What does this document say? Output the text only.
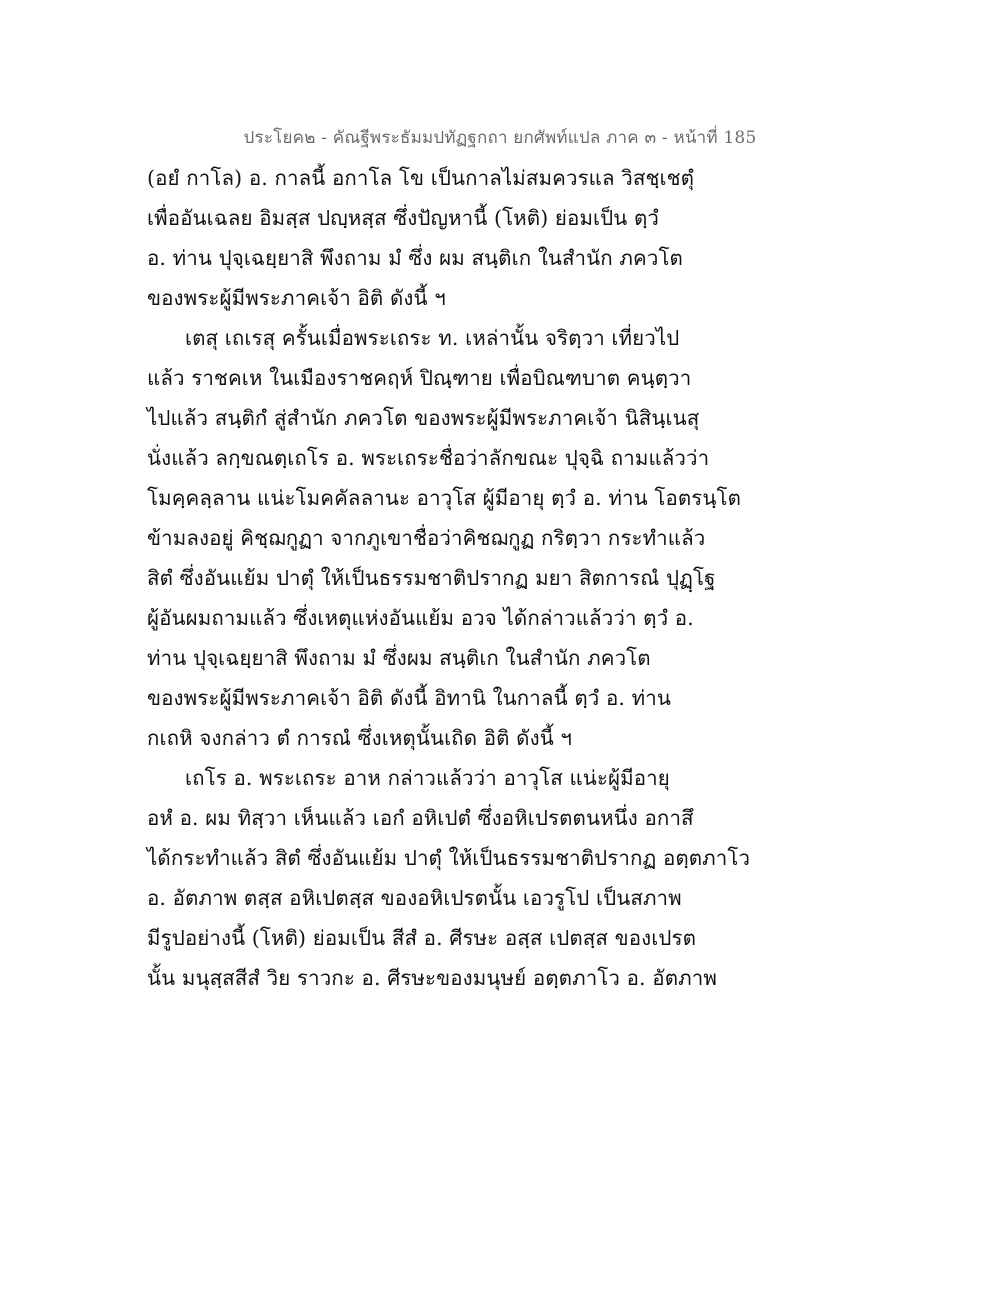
ประโยค๒ - คัณฐีพระธัมมปทัฏฐกถา ยกศัพท์แปล ภาค ๓ - หน้าที่ 185
(อยํ กาโล) อ. กาลนี้ อกาโล โข เป็นกาลไม่สมควรแล วิสชฺเชตุํ
เพื่ออันเฉลย อิมสฺส ปญฺหสฺส ซึ่งปัญหานี้ (โหติ) ย่อมเป็น ตฺวํ
อ. ท่าน ปุจฺเฉยฺยาสิ พึงถาม มํ ซึ่ง ผม สนฺติเก ในสำนัก ภควโต
ของพระผู้มีพระภาคเจ้า อิติ ดังนี้ ฯ
เตสุ เถเรสุ ครั้นเมื่อพระเถระ ท. เหล่านั้น จริตฺวา เที่ยวไป
แล้ว ราชคเห ในเมืองราชคฤห์ ปิณฺฑาย เพื่อบิณฑบาต คนฺตฺวา
ไปแล้ว สนฺติกํ สู่สำนัก ภควโต ของพระผู้มีพระภาคเจ้า นิสินฺเนสุ
นั่งแล้ว ลกฺขณตฺเถโร อ. พระเถระชื่อว่าลักขณะ ปุจฺฉิ ถามแล้วว่า
โมคฺคลฺลาน แน่ะโมคคัลลานะ อาวุโส ผู้มีอายุ ตฺวํ อ. ท่าน โอตรนฺโต
ข้ามลงอยู่ คิชฺฌกูฏา จากภูเขาชื่อว่าคิชฌกูฏ กริตฺวา กระทำแล้ว
สิตํ ซึ่งอันแย้ม ปาตุํ ให้เป็นธรรมชาติปรากฏ มยา สิตการณํ ปุฏฺโฐ
ผู้อันผมถามแล้ว ซึ่งเหตุแห่งอันแย้ม อวจ ได้กล่าวแล้วว่า ตฺวํ อ.
ท่าน ปุจฺเฉยฺยาสิ พึงถาม มํ ซึ่งผม สนฺติเก ในสำนัก ภควโต
ของพระผู้มีพระภาคเจ้า อิติ ดังนี้ อิทานิ ในกาลนี้ ตฺวํ อ. ท่าน
กเถหิ จงกล่าว ตํ การณํ ซึ่งเหตุนั้นเถิด อิติ ดังนี้ ฯ
เถโร อ. พระเถระ อาห กล่าวแล้วว่า อาวุโส แน่ะผู้มีอายุ
อหํ อ. ผม ทิสฺวา เห็นแล้ว เอกํ อหิเปตํ ซึ่งอหิเปรตตนหนึ่ง อกาสึ
ได้กระทำแล้ว สิตํ ซึ่งอันแย้ม ปาตุํ ให้เป็นธรรมชาติปรากฏ อตฺตภาโว
อ. อัตภาพ ตสฺส อหิเปตสฺส ของอหิเปรตนั้น เอวรูโป เป็นสภาพ
มีรูปอย่างนี้ (โหติ) ย่อมเป็น สีสํ อ. ศีรษะ อสฺส เปตสฺส ของเปรต
นั้น มนุสฺสสีสํ วิย ราวกะ อ. ศีรษะของมนุษย์ อตฺตภาโว อ. อัตภาพ
